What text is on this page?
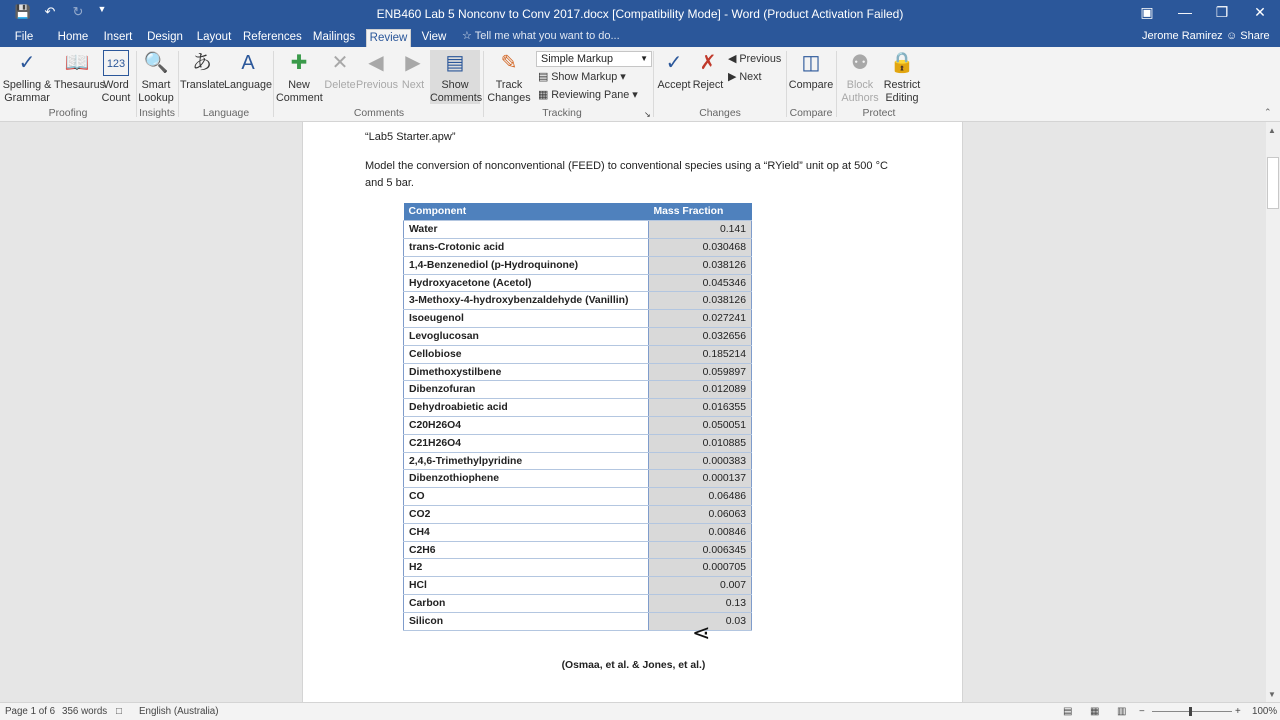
💾	↶	↻	▼	ENB460 Lab 5 Nonconv to Conv 2017.docx [Compatibility Mode] - Word (Product Activation Failed)	▣	—	❐	✕
File	Home	Insert	Design Layout References Mailings	Review	View	☆ Tell me what you want to do...	Jerome Ramirez ☺ Share
✓
Spelling &
Grammar
📖
Thesaurus
123
Word
Count
🔍
Smart
Lookup
あ
Translate
A
Language
✚
New
Comment
✕
Delete
◀
Previous
▶
Next
▤
Show
Comments
✎
Track
Changes
Simple Markup	▼
▤ Show Markup ▾
▦ Reviewing Pane ▾
✓
Accept
✗
Reject
◀ Previous
▶ Next
◫
Compare
⚉
Block
Authors
🔒
Restrict
Editing
Proofing	Insights	Language	Comments	Tracking	↘	Changes	Compare	Protect	⌃
“Lab5 Starter.apw”
Model the conversion of nonconventional (FEED) to conventional species using a “RYield” unit op at 500 °C and 5 bar.
Component	Mass Fraction
Water	0.141
trans-Crotonic acid	0.030468
1,4-Benzenediol (p-Hydroquinone)	0.038126
Hydroxyacetone (Acetol)	0.045346
3-Methoxy-4-hydroxybenzaldehyde (Vanillin)	0.038126
Isoeugenol	0.027241
Levoglucosan	0.032656
Cellobiose	0.185214
Dimethoxystilbene	0.059897
Dibenzofuran	0.012089
Dehydroabietic acid	0.016355
C20H26O4	0.050051
C21H26O4	0.010885
2,4,6-Trimethylpyridine	0.000383
Dibenzothiophene	0.000137
CO	0.06486
CO2	0.06063
CH4	0.00846
C2H6	0.006345
H2	0.000705
HCl	0.007
Carbon	0.13
Silicon	0.03
(Osmaa, et al. & Jones, et al.)
⋖
▲
▼
Page 1 of 6 356 words □ English (Australia)	▤ ▦ ▥ −	+ 100%
